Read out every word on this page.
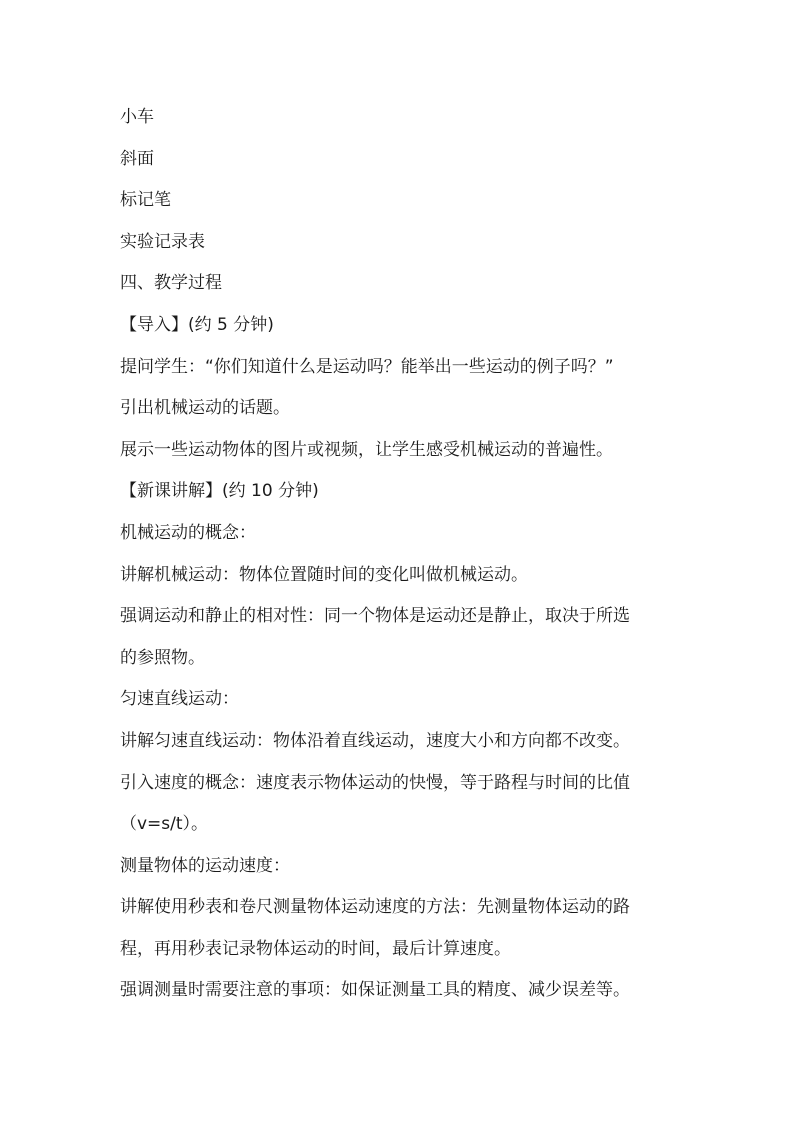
小车

斜面

标记笔

实验记录表

四、教学过程

【导入】(约 5 分钟)

提问学生：“你们知道什么是运动吗？能举出一些运动的例子吗？”

引出机械运动的话题。

展示一些运动物体的图片或视频，让学生感受机械运动的普遍性。

【新课讲解】(约 10 分钟)

机械运动的概念：

讲解机械运动：物体位置随时间的变化叫做机械运动。

强调运动和静止的相对性：同一个物体是运动还是静止，取决于所选

的参照物。

匀速直线运动：

讲解匀速直线运动：物体沿着直线运动，速度大小和方向都不改变。

引入速度的概念：速度表示物体运动的快慢，等于路程与时间的比值

（v=s/t）。

测量物体的运动速度：

讲解使用秒表和卷尺测量物体运动速度的方法：先测量物体运动的路

程，再用秒表记录物体运动的时间，最后计算速度。

强调测量时需要注意的事项：如保证测量工具的精度、减少误差等。
